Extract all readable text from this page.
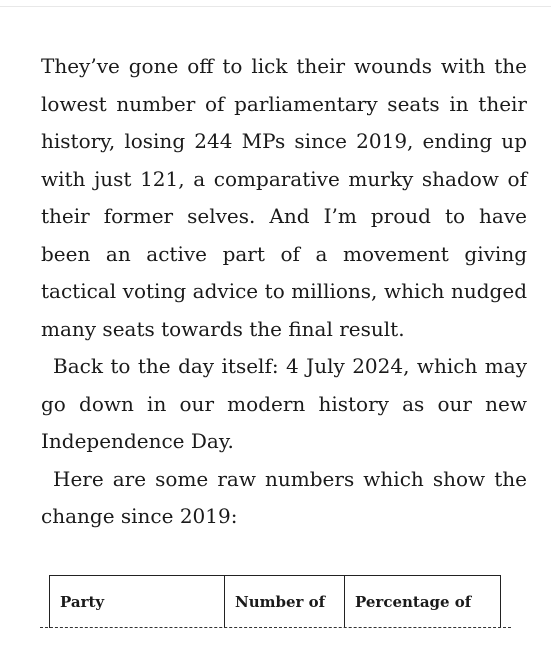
They’ve gone off to lick their wounds with the lowest number of parliamentary seats in their history, losing 244 MPs since 2019, ending up with just 121, a comparative murky shadow of their former selves. And I’m proud to have been an active part of a movement giving tactical voting advice to millions, which nudged many seats towards the final result.

Back to the day itself: 4 July 2024, which may go down in our modern history as our new Independence Day.

Here are some raw numbers which show the change since 2019:

Party	Number of	Percentage of
